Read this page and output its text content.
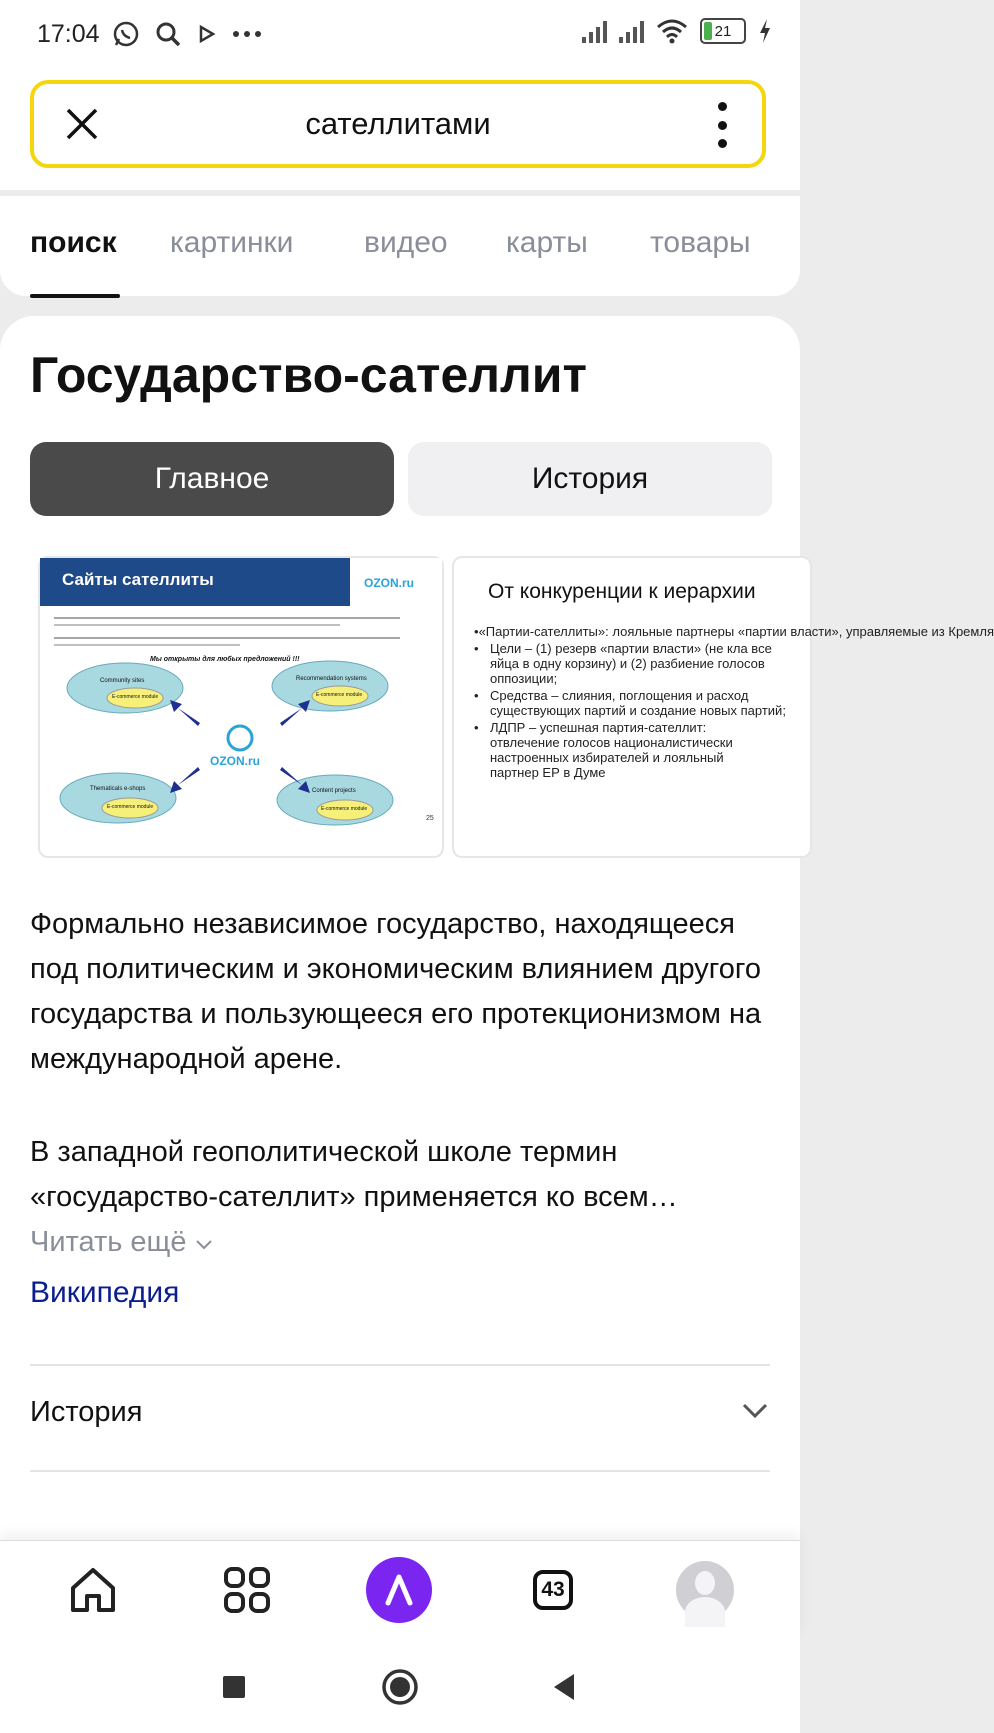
17:04	21
сателлитами
поиск картинки видео карты товары
Государство-сателлит
Главное	История
25
Сайты сателлиты	OZON.ru
Мы открыты для любых предложений !!!
Community sites	Recommendation systems
Thematicals e-shops	Content projects
E-commerce module
E-commerce module
E-commerce module	E-commerce module
OZON.ru
От конкуренции к иерархии
• «Партии-сателлиты»: лояльные партнеры «партии власти», управляемые из Кремля
• Цели – (1) резерв «партии власти» (не кла все яйца в одну корзину) и (2) разбиение голосов оппозиции;
• Средства – слияния, поглощения и расход существующих партий и создание новых партий;
• ЛДПР – успешная партия-сателлит: отвлечение голосов националистически настроенных избирателей и лояльный партнер ЕР в Думе

Формально независимое государство, находящееся под политическим и экономическим влиянием другого государства и пользующееся его протекционизмом на международной арене.

В западной геополитической школе термин «государство-сателлит» применяется ко всем… Читать ещё

Википедия
История
43
